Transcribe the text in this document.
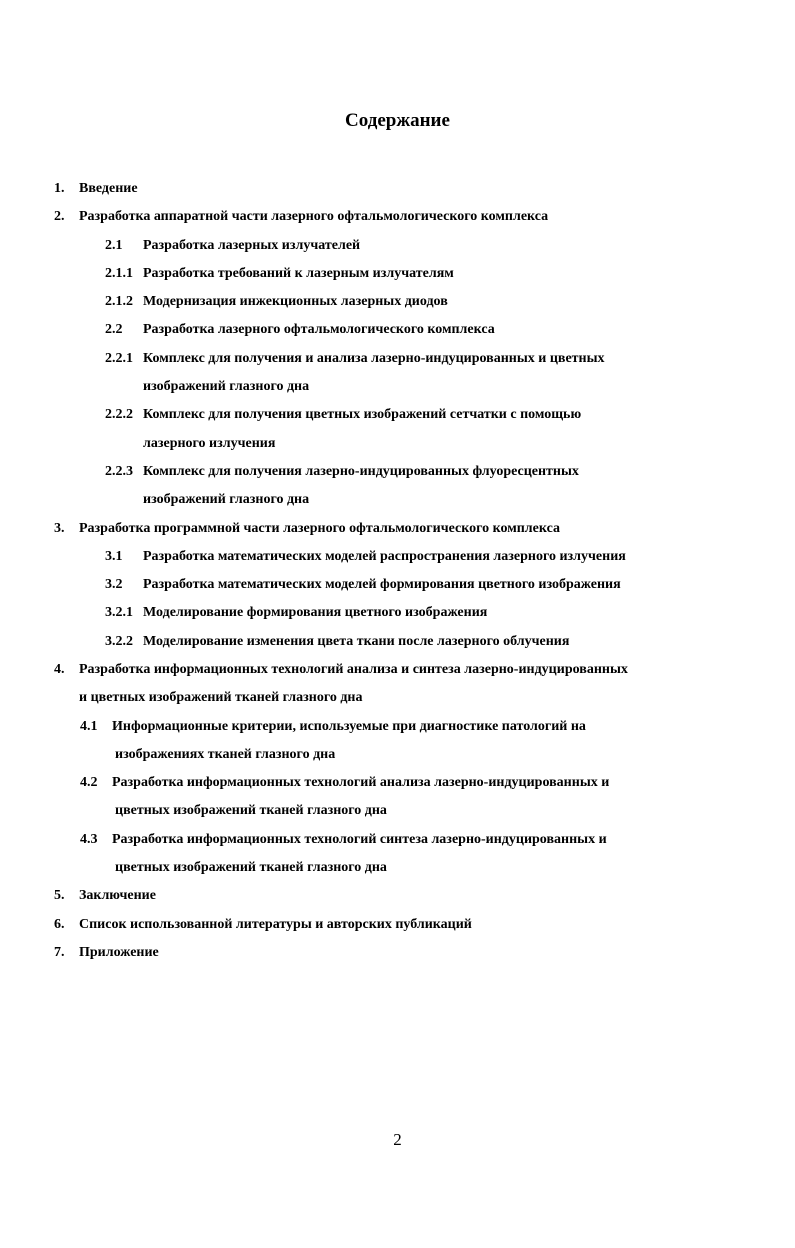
Содержание
1. Введение
2. Разработка аппаратной части лазерного офтальмологического комплекса
2.1 Разработка лазерных излучателей
2.1.1 Разработка требований к лазерным излучателям
2.1.2 Модернизация инжекционных лазерных диодов
2.2 Разработка лазерного офтальмологического комплекса
2.2.1 Комплекс для получения и анализа лазерно-индуцированных и цветных
изображений глазного дна
2.2.2 Комплекс для получения цветных изображений сетчатки с помощью
лазерного излучения
2.2.3 Комплекс для получения лазерно-индуцированных флуоресцентных
изображений глазного дна
3. Разработка программной части лазерного офтальмологического комплекса
3.1 Разработка математических моделей распространения лазерного излучения
3.2 Разработка математических моделей формирования цветного изображения
3.2.1 Моделирование формирования цветного изображения
3.2.2 Моделирование изменения цвета ткани после лазерного облучения
4. Разработка информационных технологий анализа и синтеза лазерно-индуцированных
и цветных изображений тканей глазного дна
4.1 Информационные критерии, используемые при диагностике патологий на
изображениях тканей глазного дна
4.2 Разработка информационных технологий анализа лазерно-индуцированных и
цветных изображений тканей глазного дна
4.3 Разработка информационных технологий синтеза лазерно-индуцированных и
цветных изображений тканей глазного дна
5. Заключение
6. Список использованной литературы и авторских публикаций
7. Приложение
2
